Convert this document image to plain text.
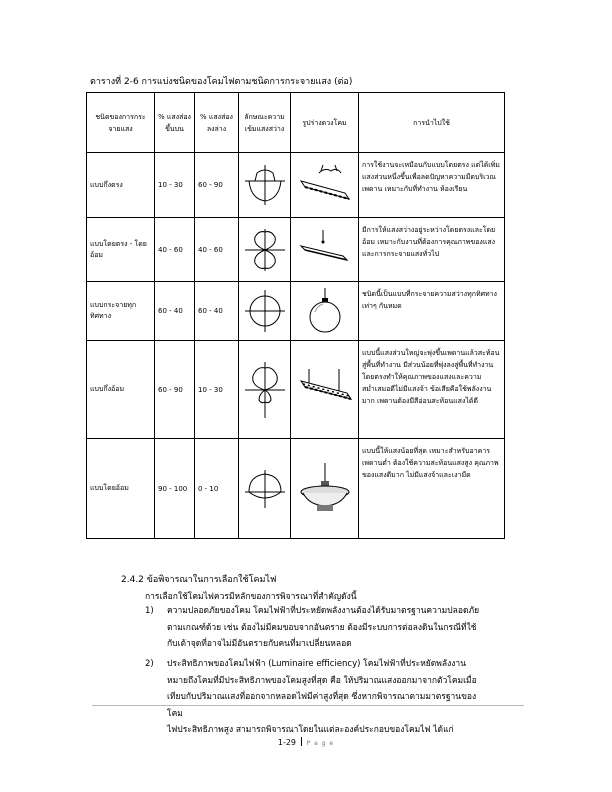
ตารางที่ 2-6 การแบ่งชนิดของโคมไฟตามชนิดการกระจายแสง (ต่อ)
ชนิดของการกระจายแสง	% แสงส่องขึ้นบน	% แสงส่องลงล่าง	ลักษณะความเข้มแสงสว่าง	รูปร่างดวงโคม	การนำไปใช้
แบบกึ่งตรง	10 - 30	60 - 90			การใช้งานจะเหมือนกับแบบโดยตรง แต่ได้เพิ่มแสงส่วนหนึ่งขึ้นเพื่อลดปัญหาความมืดบริเวณเพดาน เหมาะกับที่ทำงาน ห้องเรียน
แบบโดยตรง - โดยอ้อม	40 - 60	40 - 60			มีการให้แสงสว่างอยู่ระหว่างโดยตรงและโดยอ้อม เหมาะกับงานที่ต้องการคุณภาพของแสงและการกระจายแสงทั่วไป
แบบกระจายทุกทิศทาง	60 - 40	60 - 40			ชนิดนี้เป็นแบบที่กระจายความสว่างทุกทิศทางเท่าๆ กันหมด
แบบกึ่งอ้อม	60 - 90	10 - 30			แบบนี้แสงส่วนใหญ่จะพุ่งขึ้นเพดานแล้วสะท้อนสู่พื้นที่ทำงาน มีส่วนน้อยที่พุ่งลงสู่พื้นที่ทำงานโดยตรงทำให้คุณภาพของแสงและความสม่ำเสมอดีไม่มีแสงจ้า ข้อเสียคือใช้พลังงานมาก เพดานต้องมีสีอ่อนสะท้อนแสงได้ดี
แบบโดยอ้อม	90 - 100	0 - 10			แบบนี้ให้แสงน้อยที่สุด เหมาะสำหรับอาคารเพดานต่ำ ต้องใช้ความสะท้อนแสงสูง คุณภาพของแสงดีมาก ไม่มีแสงจ้าและเงามืด
2.4.2 ข้อพิจารณาในการเลือกใช้โคมไฟ
การเลือกใช้โคมไฟควรมีหลักของการพิจารณาที่สำคัญดังนี้
1) ความปลอดภัยของโคม โคมไฟฟ้าที่ประหยัดพลังงานต้องได้รับมาตรฐานความปลอดภัย
ตามเกณฑ์ด้วย เช่น ต้องไม่มีคมขอบจากอันตราย ต้องมีระบบการต่อลงดินในกรณีที่ใช้
กับเต้าจุดที่อาจไม่มีอันตรายกับคนที่มาเปลี่ยนหลอด
2) ประสิทธิภาพของโคมไฟฟ้า (Luminaire efficiency) โคมไฟฟ้าที่ประหยัดพลังงาน
หมายถึงโคมที่มีประสิทธิภาพของโคมสูงที่สุด คือ ให้ปริมาณแสงออกมาจากตัวโคมเมื่อ
เทียบกับปริมาณแสงที่ออกจากหลอดไฟมีค่าสูงที่สุด ซึ่งหากพิจารณาตามมาตรฐานของโคม
ไฟประสิทธิภาพสูง สามารถพิจารณาโดยในแต่ละองค์ประกอบของโคมไฟ ได้แก่
1-29 P a g e
